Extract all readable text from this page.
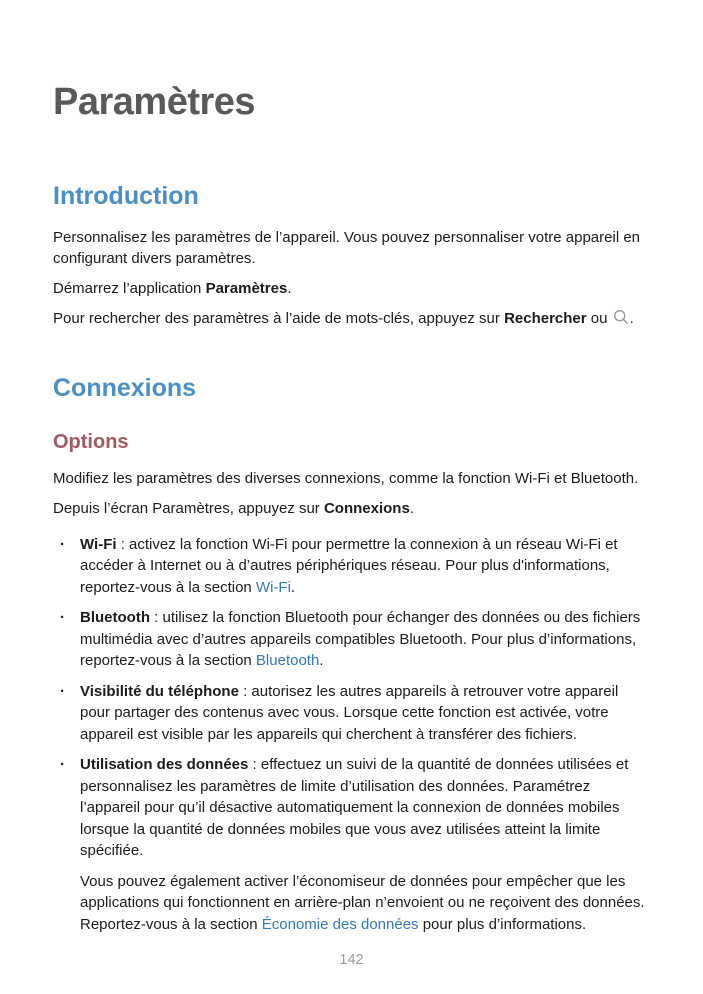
Paramètres
Introduction

Personnalisez les paramètres de l’appareil. Vous pouvez personnaliser votre appareil en configurant divers paramètres.

Démarrez l’application Paramètres.

Pour rechercher des paramètres à l’aide de mots-clés, appuyez sur Rechercher ou .

Connexions
Options

Modifiez les paramètres des diverses connexions, comme la fonction Wi-Fi et Bluetooth.

Depuis l’écran Paramètres, appuyez sur Connexions.

· Wi-Fi : activez la fonction Wi-Fi pour permettre la connexion à un réseau Wi-Fi et accéder à Internet ou à d’autres périphériques réseau. Pour plus d'informations, reportez-vous à la section Wi-Fi.
· Bluetooth : utilisez la fonction Bluetooth pour échanger des données ou des fichiers multimédia avec d’autres appareils compatibles Bluetooth. Pour plus d’informations, reportez-vous à la section Bluetooth.
· Visibilité du téléphone : autorisez les autres appareils à retrouver votre appareil pour partager des contenus avec vous. Lorsque cette fonction est activée, votre appareil est visible par les appareils qui cherchent à transférer des fichiers.
· Utilisation des données : effectuez un suivi de la quantité de données utilisées et personnalisez les paramètres de limite d’utilisation des données. Paramétrez l’appareil pour qu’il désactive automatiquement la connexion de données mobiles lorsque la quantité de données mobiles que vous avez utilisées atteint la limite spécifiée.
Vous pouvez également activer l’économiseur de données pour empêcher que les applications qui fonctionnent en arrière-plan n’envoient ou ne reçoivent des données. Reportez-vous à la section Économie des données pour plus d’informations.
142
